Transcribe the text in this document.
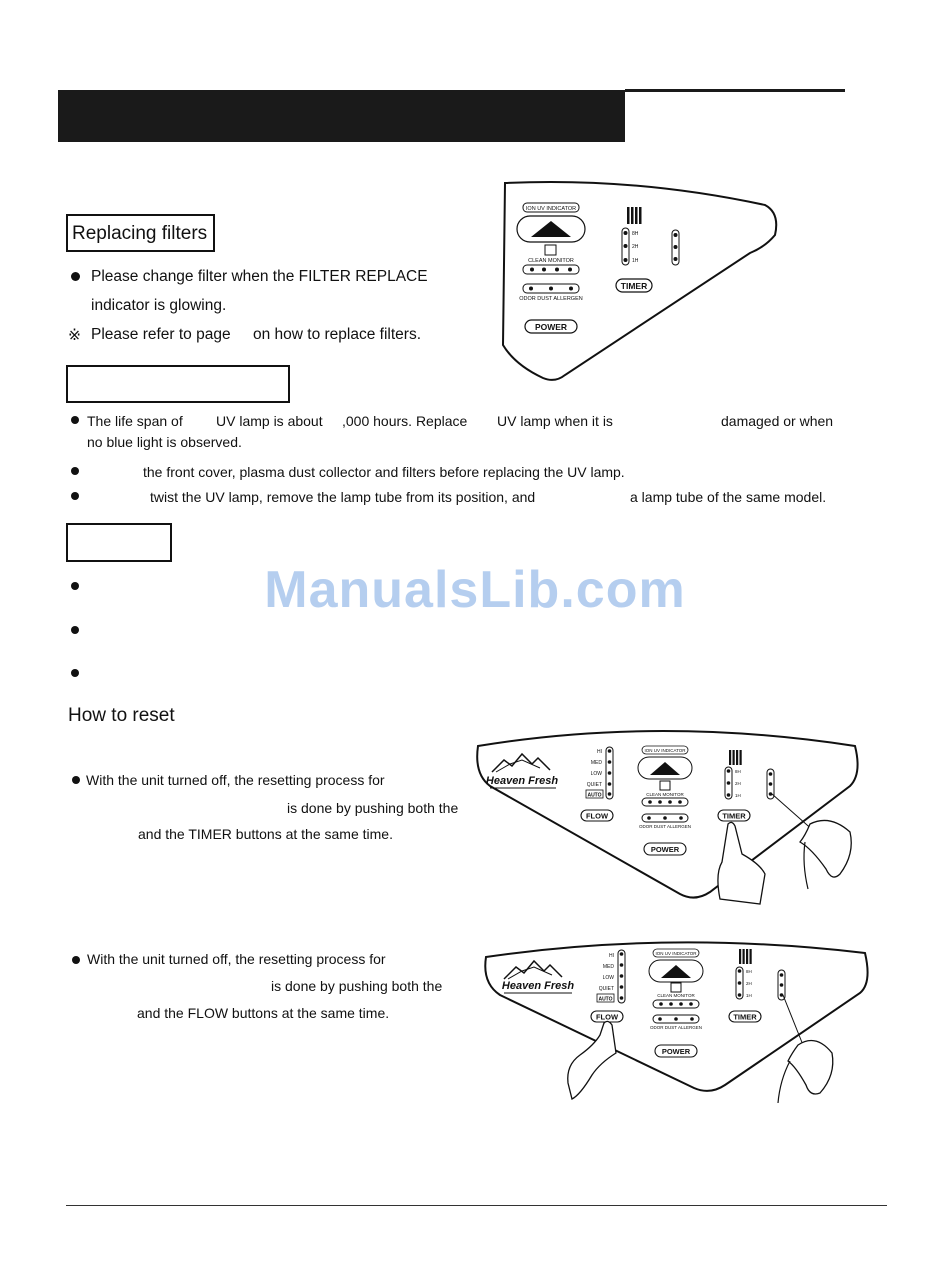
Replacing filters
Please change filter when the FILTER REPLACE
indicator is glowing.
※ Please refer to page on how to replace filters.
The life span of UV lamp is about ,000 hours. Replace UV lamp when it is	damaged or when
no blue light is observed.
the front cover, plasma dust collector and filters before replacing the UV lamp.
twist the UV lamp, remove the lamp tube from its position, and	a lamp tube of the same model.
ManualsLib.com
How to reset
With the unit turned off, the resetting process for
is done by pushing both the
and the TIMER buttons at the same time.
With the unit turned off, the resetting process for
is done by pushing both the
and the FLOW buttons at the same time.
ION UV INDICATOR
CLEAN MONITOR
ODOR DUST ALLERGEN
POWER
8H
2H
1H
TIMER
Heaven Fresh
HI
MED
LOW
QUIET
AUTO
FLOW
ION UV INDICATOR
CLEAN MONITOR
ODOR DUST ALLERGEN
POWER
8H
2H
1H
TIMER
Heaven Fresh
HI
MED
LOW
QUIET
AUTO
FLOW
ION UV INDICATOR
CLEAN MONITOR
ODOR DUST ALLERGEN
POWER
8H
2H
1H
TIMER
